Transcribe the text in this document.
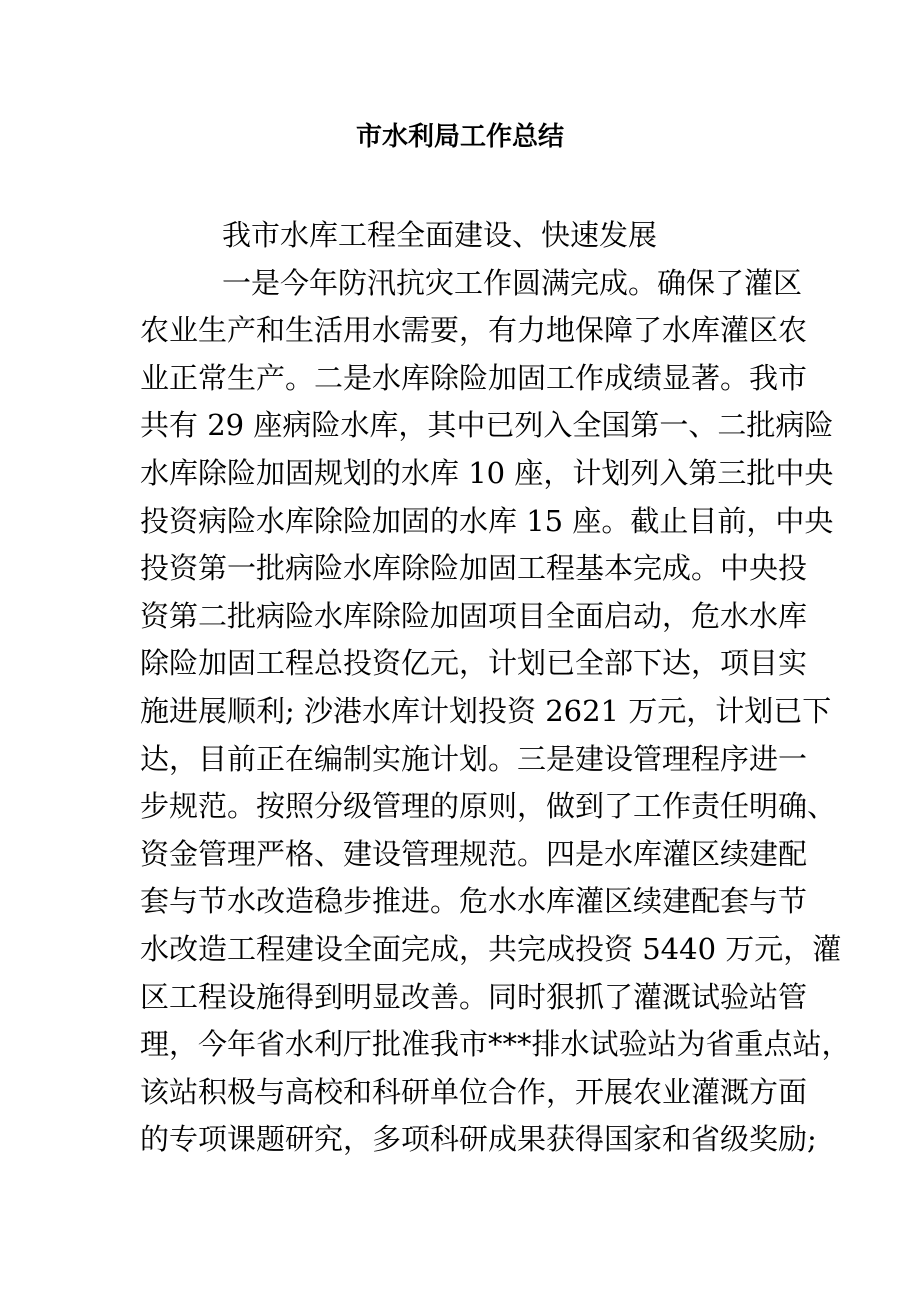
市水利局工作总结
我市水库工程全面建设、快速发展
一是今年防汛抗灾工作圆满完成。确保了灌区
农业生产和生活用水需要，有力地保障了水库灌区农
业正常生产。二是水库除险加固工作成绩显著。我市
共有 29 座病险水库，其中已列入全国第一、二批病险
水库除险加固规划的水库 10 座，计划列入第三批中央
投资病险水库除险加固的水库 15 座。截止目前，中央
投资第一批病险水库除险加固工程基本完成。中央投
资第二批病险水库除险加固项目全面启动，危水水库
除险加固工程总投资亿元，计划已全部下达，项目实
施进展顺利; 沙港水库计划投资 2621 万元，计划已下
达，目前正在编制实施计划。三是建设管理程序进一
步规范。按照分级管理的原则，做到了工作责任明确、
资金管理严格、建设管理规范。四是水库灌区续建配
套与节水改造稳步推进。危水水库灌区续建配套与节
水改造工程建设全面完成，共完成投资 5440 万元，灌
区工程设施得到明显改善。同时狠抓了灌溉试验站管
理，今年省水利厅批准我市***排水试验站为省重点站，
该站积极与高校和科研单位合作，开展农业灌溉方面
的专项课题研究，多项科研成果获得国家和省级奖励;
